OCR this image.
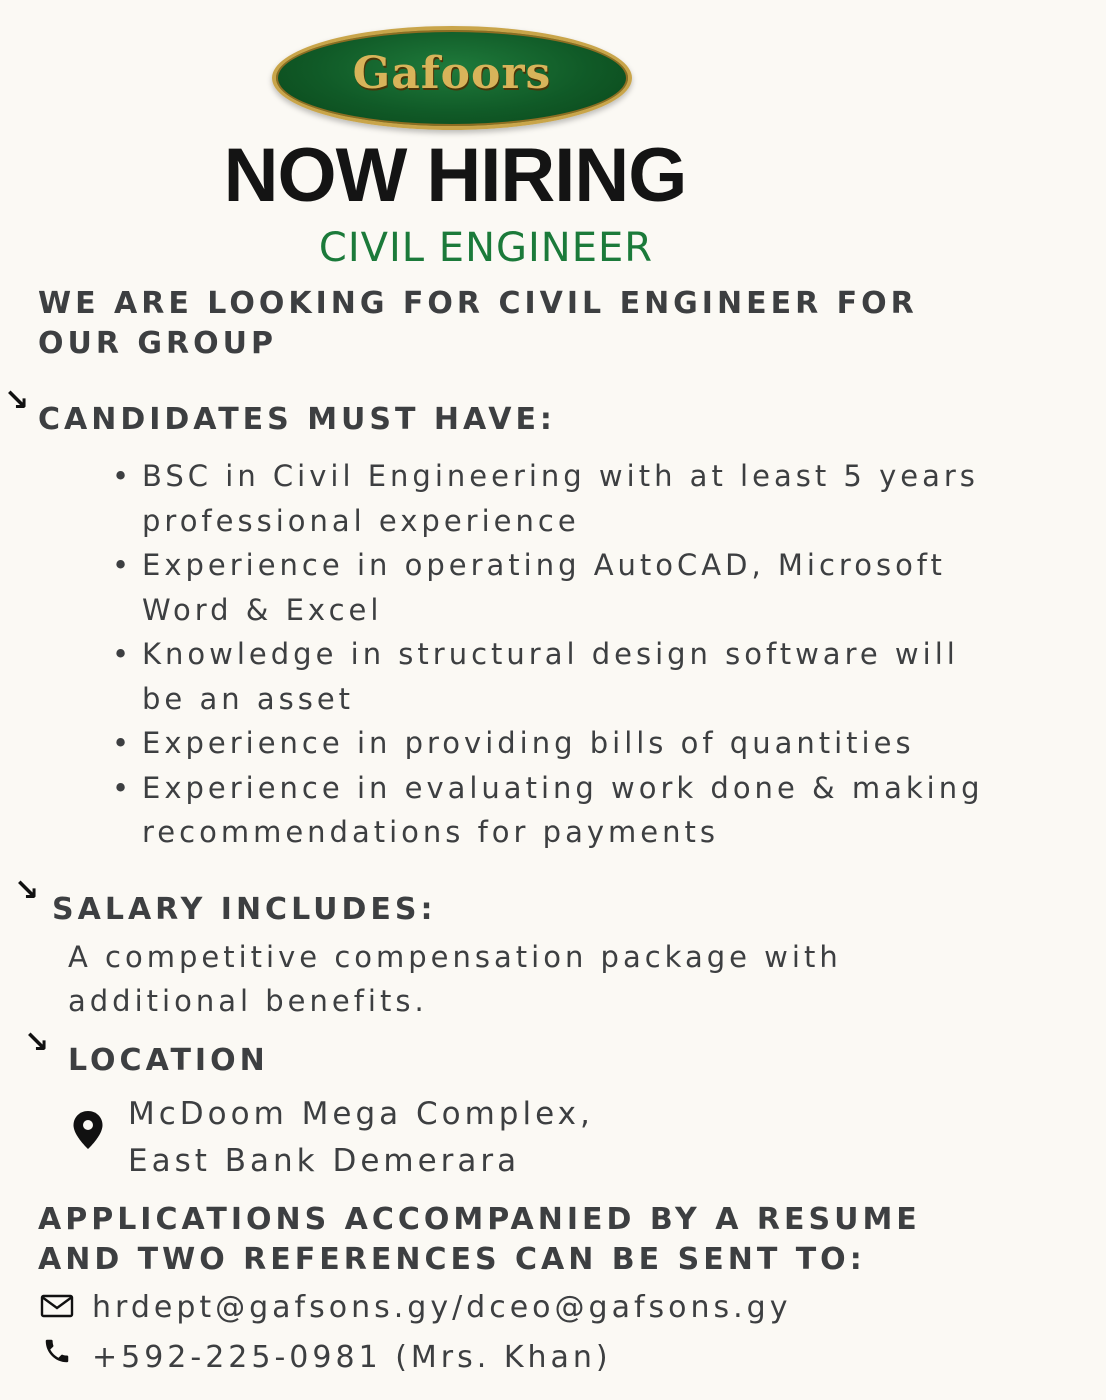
Gafoors
NOW HIRING
CIVIL ENGINEER
WE ARE LOOKING FOR CIVIL ENGINEER FOR
OUR GROUP
↘
CANDIDATES MUST HAVE:
• BSC in Civil Engineering with at least 5 years
professional experience
• Experience in operating AutoCAD, Microsoft
Word & Excel
• Knowledge in structural design software will
be an asset
• Experience in providing bills of quantities
• Experience in evaluating work done & making
recommendations for payments
↘
SALARY INCLUDES:
A competitive compensation package with
additional benefits.
↘
LOCATION
McDoom Mega Complex,
East Bank Demerara
APPLICATIONS ACCOMPANIED BY A RESUME
AND TWO REFERENCES CAN BE SENT TO:
hrdept@gafsons.gy/dceo@gafsons.gy
+592-225-0981 (Mrs. Khan)
